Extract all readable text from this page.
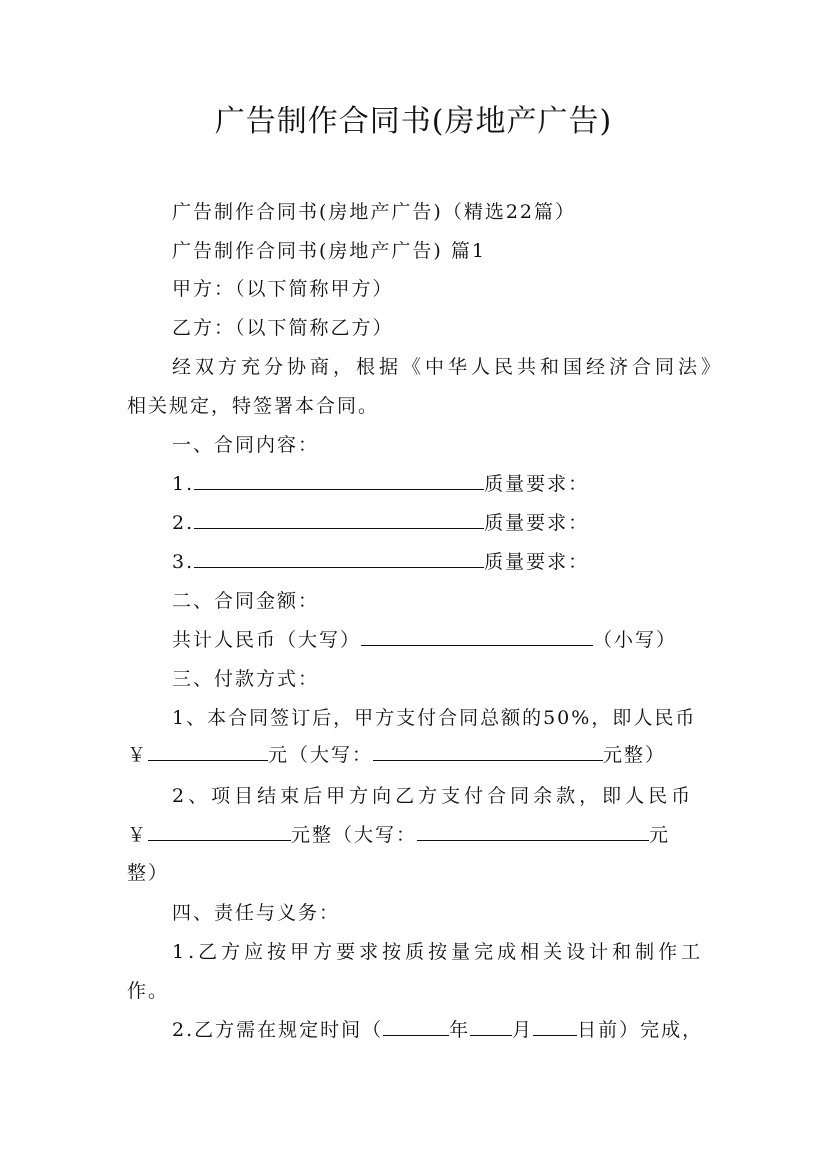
广告制作合同书(房地产广告)
广告制作合同书(房地产广告)（精选22篇）
广告制作合同书(房地产广告) 篇1
甲方：（以下简称甲方）
乙方：（以下简称乙方）
经双方充分协商，根据《中华人民共和国经济合同法》
相关规定，特签署本合同。
一、合同内容：
1.	质量要求：
2.	质量要求：
3.	质量要求：
二、合同金额：
共计人民币（大写）	（小写）
三、付款方式：
1、本合同签订后，甲方支付合同总额的50%，即人民币
￥	元（大写：	元整）
2、项目结束后甲方向乙方支付合同余款，即人民币
￥	元整（大写：	元
整）
四、责任与义务：
1.乙方应按甲方要求按质按量完成相关设计和制作工
作。
2.乙方需在规定时间（	年 月 日前）完成，
